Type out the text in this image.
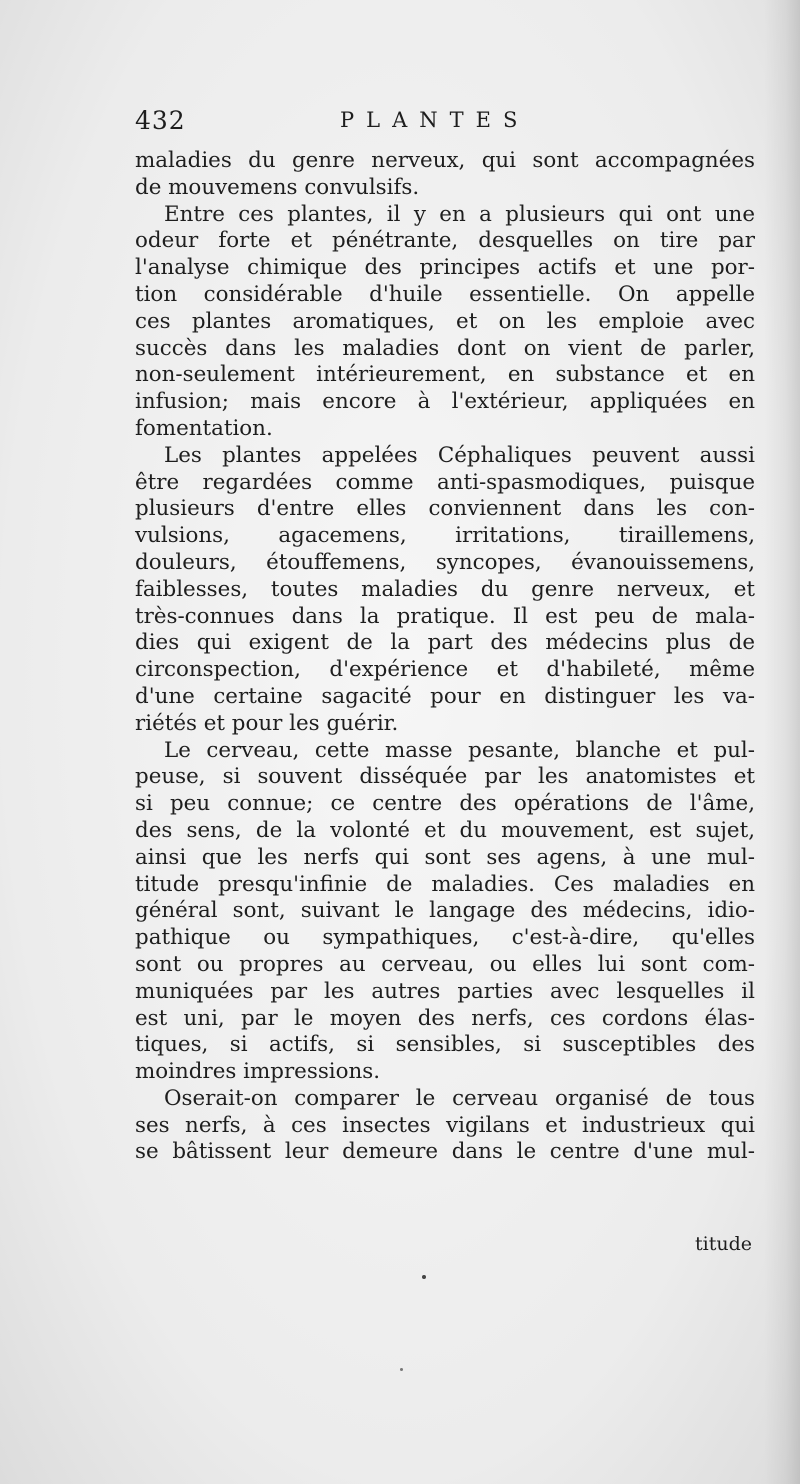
432	PLANTES
maladies du genre nerveux, qui sont accompagnées
de mouvemens convulsifs.
Entre ces plantes, il y en a plusieurs qui ont une
odeur forte et pénétrante, desquelles on tire par
l'analyse chimique des principes actifs et une por-
tion considérable d'huile essentielle. On appelle
ces plantes aromatiques, et on les emploie avec
succès dans les maladies dont on vient de parler,
non-seulement intérieurement, en substance et en
infusion; mais encore à l'extérieur, appliquées en
fomentation.
Les plantes appelées Céphaliques peuvent aussi
être regardées comme anti-spasmodiques, puisque
plusieurs d'entre elles conviennent dans les con-
vulsions, agacemens, irritations, tiraillemens,
douleurs, étouffemens, syncopes, évanouissemens,
faiblesses, toutes maladies du genre nerveux, et
très-connues dans la pratique. Il est peu de mala-
dies qui exigent de la part des médecins plus de
circonspection, d'expérience et d'habileté, même
d'une certaine sagacité pour en distinguer les va-
riétés et pour les guérir.
Le cerveau, cette masse pesante, blanche et pul-
peuse, si souvent disséquée par les anatomistes et
si peu connue; ce centre des opérations de l'âme,
des sens, de la volonté et du mouvement, est sujet,
ainsi que les nerfs qui sont ses agens, à une mul-
titude presqu'infinie de maladies. Ces maladies en
général sont, suivant le langage des médecins, idio-
pathique ou sympathiques, c'est-à-dire, qu'elles
sont ou propres au cerveau, ou elles lui sont com-
muniquées par les autres parties avec lesquelles il
est uni, par le moyen des nerfs, ces cordons élas-
tiques, si actifs, si sensibles, si susceptibles des
moindres impressions.
Oserait-on comparer le cerveau organisé de tous
ses nerfs, à ces insectes vigilans et industrieux qui
se bâtissent leur demeure dans le centre d'une mul-
titude
